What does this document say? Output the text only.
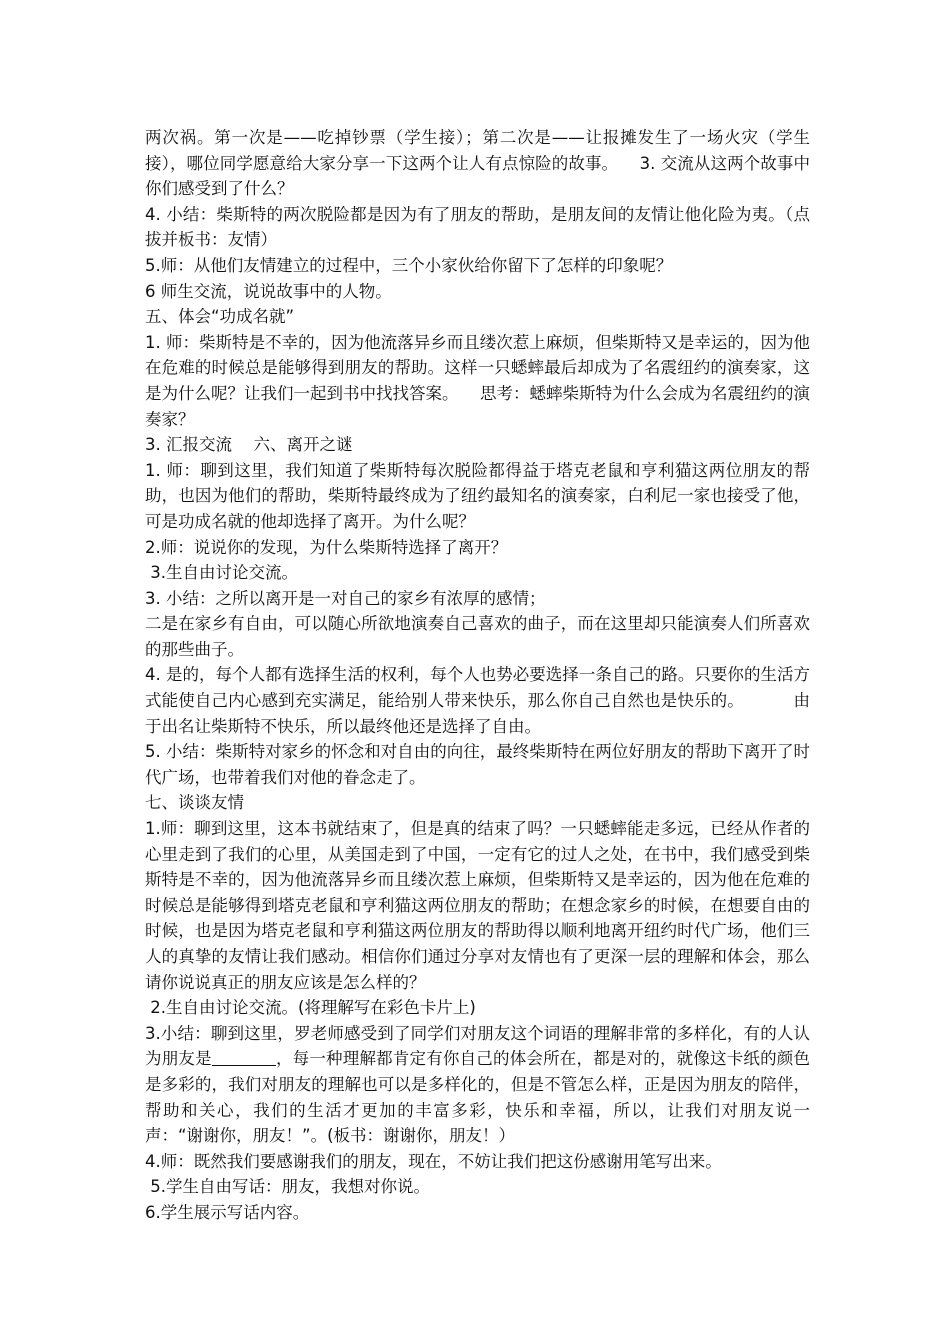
两次祸。第一次是——吃掉钞票（学生接）；第二次是——让报摊发生了一场火灾（学生接），哪位同学愿意给大家分享一下这两个让人有点惊险的故事。 3. 交流从这两个故事中你们感受到了什么？

4. 小结：柴斯特的两次脱险都是因为有了朋友的帮助，是朋友间的友情让他化险为夷。（点拔并板书：友情）

5.师：从他们友情建立的过程中，三个小家伙给你留下了怎样的印象呢？

6 师生交流，说说故事中的人物。

五、体会“功成名就”

1. 师：柴斯特是不幸的，因为他流落异乡而且缕次惹上麻烦，但柴斯特又是幸运的，因为他在危难的时候总是能够得到朋友的帮助。这样一只蟋蟀最后却成为了名震纽约的演奏家，这是为什么呢？让我们一起到书中找找答案。 思考：蟋蟀柴斯特为什么会成为名震纽约的演奏家？

3. 汇报交流 六、离开之谜

1. 师：聊到这里，我们知道了柴斯特每次脱险都得益于塔克老鼠和亨利猫这两位朋友的帮助，也因为他们的帮助，柴斯特最终成为了纽约最知名的演奏家，白利尼一家也接受了他，可是功成名就的他却选择了离开。为什么呢？

2.师：说说你的发现，为什么柴斯特选择了离开？

3.生自由讨论交流。

3. 小结：之所以离开是一对自己的家乡有浓厚的感情；

二是在家乡有自由，可以随心所欲地演奏自己喜欢的曲子，而在这里却只能演奏人们所喜欢的那些曲子。

4. 是的，每个人都有选择生活的权利，每个人也势必要选择一条自己的路。只要你的生活方式能使自己内心感到充实满足，能给别人带来快乐，那么你自己自然也是快乐的。	由于出名让柴斯特不快乐，所以最终他还是选择了自由。

5. 小结：柴斯特对家乡的怀念和对自由的向往，最终柴斯特在两位好朋友的帮助下离开了时代广场，也带着我们对他的眷念走了。

七、谈谈友情

1.师：聊到这里，这本书就结束了，但是真的结束了吗？一只蟋蟀能走多远，已经从作者的心里走到了我们的心里，从美国走到了中国，一定有它的过人之处，在书中，我们感受到柴斯特是不幸的，因为他流落异乡而且缕次惹上麻烦，但柴斯特又是幸运的，因为他在危难的时候总是能够得到塔克老鼠和亨利猫这两位朋友的帮助；在想念家乡的时候，在想要自由的时候，也是因为塔克老鼠和亨利猫这两位朋友的帮助得以顺利地离开纽约时代广场，他们三人的真挚的友情让我们感动。相信你们通过分享对友情也有了更深一层的理解和体会，那么请你说说真正的朋友应该是怎么样的？

2.生自由讨论交流。(将理解写在彩色卡片上)

3.小结：聊到这里，罗老师感受到了同学们对朋友这个词语的理解非常的多样化，有的人认为朋友是	，每一种理解都肯定有你自己的体会所在，都是对的，就像这卡纸的颜色是多彩的，我们对朋友的理解也可以是多样化的，但是不管怎么样，正是因为朋友的陪伴，帮助和关心，我们的生活才更加的丰富多彩，快乐和幸福，所以，让我们对朋友说一声：“谢谢你，朋友！”。(板书：谢谢你，朋友！）

4.师：既然我们要感谢我们的朋友，现在，不妨让我们把这份感谢用笔写出来。

5.学生自由写话：朋友，我想对你说。

6.学生展示写话内容。
